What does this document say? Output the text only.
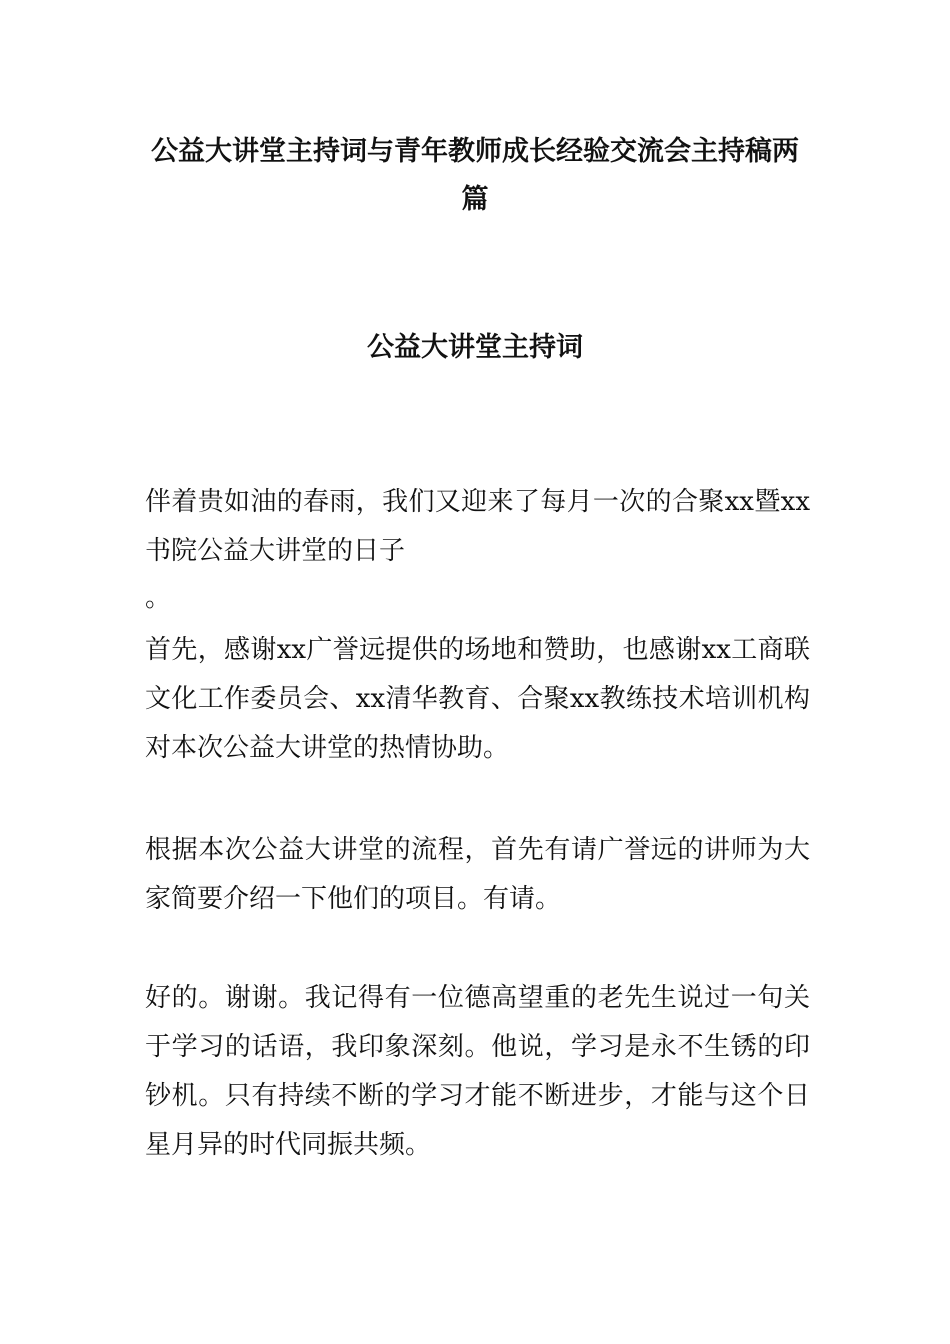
公益大讲堂主持词与青年教师成长经验交流会主持稿两篇
公益大讲堂主持词

伴着贵如油的春雨，我们又迎来了每月一次的合聚xx暨xx书院公益大讲堂的日子

。

首先，感谢xx广誉远提供的场地和赞助，也感谢xx工商联文化工作委员会、xx清华教育、合聚xx教练技术培训机构对本次公益大讲堂的热情协助。

根据本次公益大讲堂的流程，首先有请广誉远的讲师为大家简要介绍一下他们的项目。有请。

好的。谢谢。我记得有一位德高望重的老先生说过一句关于学习的话语，我印象深刻。他说，学习是永不生锈的印钞机。只有持续不断的学习才能不断进步，才能与这个日星月异的时代同振共频。
